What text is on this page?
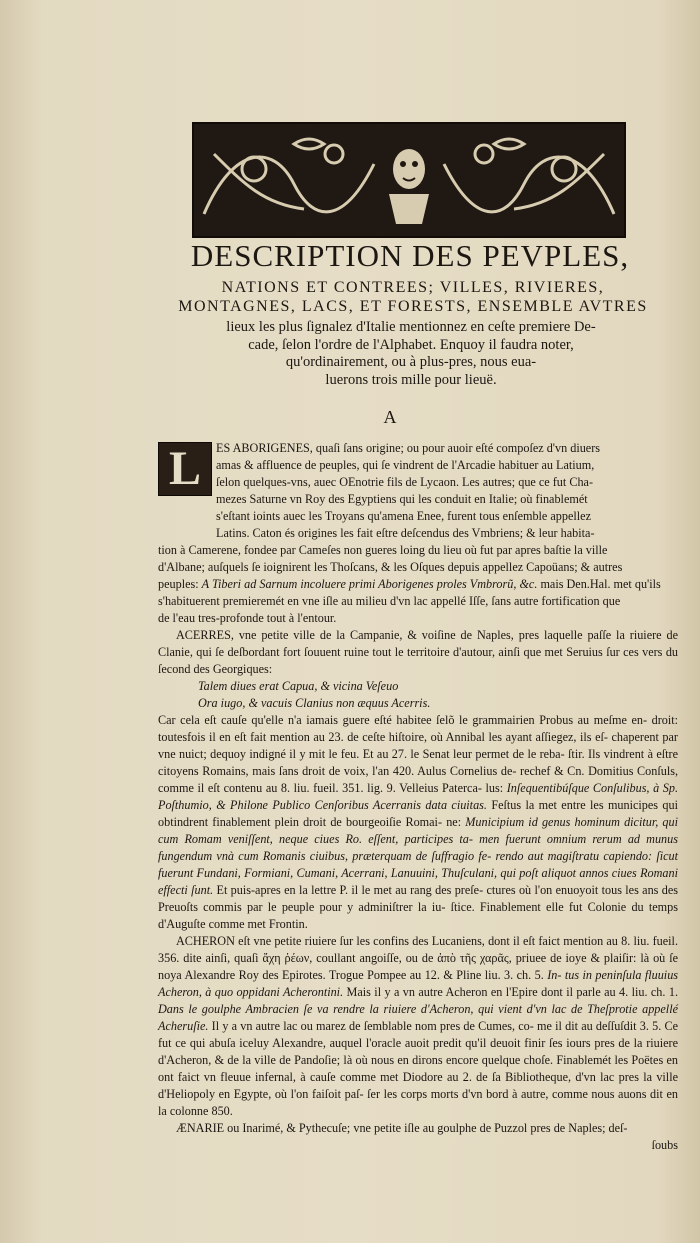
DESCRIPTION DES PEVPLES,
NATIONS ET CONTREES; VILLES, RIVIERES,
MONTAGNES, LACS, ET FORESTS, ENSEMBLE AVTRES
lieux les plus ſignalez d'Italie mentionnez en ceſte premiere De-
cade, ſelon l'ordre de l'Alphabet. Enquoy il faudra noter,
qu'ordinairement, ou à plus-pres, nous eua-
luerons trois mille pour lieuë.
A
L	ES ABORIGENES, quaſi ſans origine; ou pour auoir eſté compoſez d'vn diuers
amas & affluence de peuples, qui ſe vindrent de l'Arcadie habituer au Latium,
ſelon quelques-vns, auec OEnotrie fils de Lycaon. Les autres; que ce fut Cha-
mezes Saturne vn Roy des Egyptiens qui les conduit en Italie; où finablemét
s'eſtant ioints auec les Troyans qu'amena Enee, furent tous enſemble appellez
Latins. Caton és origines les fait eſtre deſcendus des Vmbriens; & leur habita-
tion à Camerene, fondee par Cameſes non gueres loing du lieu où fut par apres baſtie la ville
d'Albane; auſquels ſe ioignirent les Thoſcans, & les Oſques depuis appellez Capoüans; & autres
peuples: A Tiberi ad Sarnum incoluere primi Aborigenes proles Vmbrorũ, &c. mais Den.Hal. met qu'ils
s'habituerent premieremét en vne iſle au milieu d'vn lac appellé Iſſe, ſans autre fortification que
de l'eau tres-profonde tout à l'entour.

ACERRES, vne petite ville de la Campanie, & voiſine de Naples, pres laquelle paſſe la riuiere de Clanie, qui ſe deſbordant fort ſouuent ruine tout le territoire d'autour, ainſi que met Seruius ſur ces vers du ſecond des Georgiques:

Talem diues erat Capua, & vicina Veſeuo
Ora iugo, & vacuis Clanius non æquus Acerris.

Car cela eſt cauſe qu'elle n'a iamais guere eſté habitee ſelõ le grammairien Probus au meſme en- droit: toutesfois il en eſt fait mention au 23. de ceſte hiſtoire, où Annibal les ayant aſſiegez, ils eſ- chaperent par vne nuict; dequoy indigné il y mit le feu. Et au 27. le Senat leur permet de le reba- ſtir. Ils vindrent à eſtre citoyens Romains, mais ſans droit de voix, l'an 420. Aulus Cornelius de- rechef & Cn. Domitius Conſuls, comme il eſt contenu au 8. liu. fueil. 351. lig. 9. Velleius Paterca- lus: Inſequentibúſque Conſulibus, à Sp. Poſthumio, & Philone Publico Cenſoribus Acerranis data ciuitas. Feſtus la met entre les municipes qui obtindrent finablement plein droit de bourgeoiſie Romai- ne: Municipium id genus hominum dicitur, qui cum Romam veniſſent, neque ciues Ro. eſſent, participes ta- men fuerunt omnium rerum ad munus fungendum vnà cum Romanis ciuibus, præterquam de ſuffragio fe- rendo aut magiſtratu capiendo: ſicut fuerunt Fundani, Formiani, Cumani, Acerrani, Lanuuini, Thuſculani, qui poſt aliquot annos ciues Romani effecti ſunt. Et puis-apres en la lettre P. il le met au rang des preſe- ctures où l'on enuoyoit tous les ans des Preuoſts commis par le peuple pour y adminiſtrer la iu- ſtice. Finablement elle fut Colonie du temps d'Auguſte comme met Frontin.

ACHERON eſt vne petite riuiere ſur les confins des Lucaniens, dont il eſt faict mention au 8. liu. fueil. 356. dite ainſi, quaſi ἄχη ῥέων, coullant angoiſſe, ou de ἀπὸ τῆς χαρᾶς, priuee de ioye & plaiſir: là où ſe noya Alexandre Roy des Epirotes. Trogue Pompee au 12. & Pline liu. 3. ch. 5. In- tus in peninſula fluuius Acheron, à quo oppidani Acherontini. Mais il y a vn autre Acheron en l'Epire dont il parle au 4. liu. ch. 1. Dans le goulphe Ambracien ſe va rendre la riuiere d'Acheron, qui vient d'vn lac de Theſprotie appellé Acheruſie. Il y a vn autre lac ou marez de ſemblable nom pres de Cumes, co- me il dit au deſſuſdit 3. 5. Ce fut ce qui abuſa iceluy Alexandre, auquel l'oracle auoit predit qu'il deuoit finir ſes iours pres de la riuiere d'Acheron, & de la ville de Pandoſie; là où nous en dirons encore quelque choſe. Finablemét les Poëtes en ont faict vn fleuue infernal, à cauſe comme met Diodore au 2. de ſa Bibliotheque, d'vn lac pres la ville d'Heliopoly en Egypte, où l'on faiſoit paſ- ſer les corps morts d'vn bord à autre, comme nous auons dit en la colonne 850.

ÆNARIE ou Inarimé, & Pythecuſe; vne petite iſle au goulphe de Puzzol pres de Naples; deſ-

ſoubs
